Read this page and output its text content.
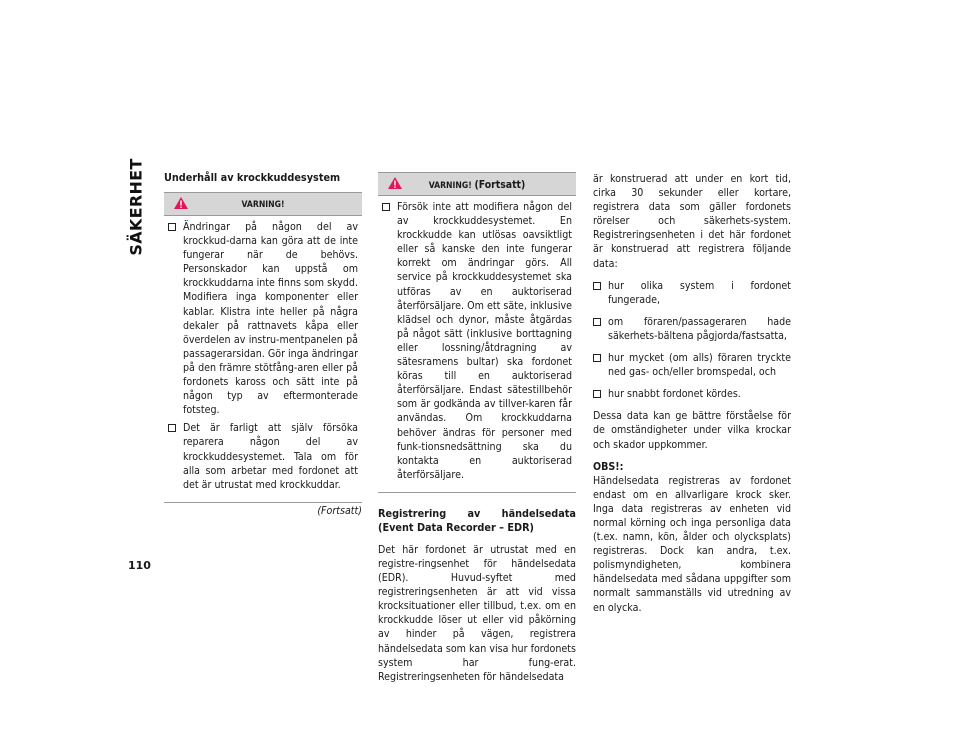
SÄKERHET Underhåll av krockkuddesystem
VARNING!
Ändringar på någon del av krockkud-darna kan göra att de inte fungerar när de behövs. Personskador kan uppstå om krockkuddarna inte finns som skydd. Modifiera inga komponenter eller kablar. Klistra inte heller på några dekaler på rattnavets kåpa eller överdelen av instru-mentpanelen på passagerarsidan. Gör inga ändringar på den främre stötfång-aren eller på fordonets kaross och sätt inte på någon typ av eftermonterade fotsteg.
Det är farligt att själv försöka reparera någon del av krockkuddesystemet. Tala om för alla som arbetar med fordonet att det är utrustat med krockkuddar.
(Fortsatt)
VARNING! (Fortsatt)
Försök inte att modifiera någon del av krockkuddesystemet. En krockkudde kan utlösas oavsiktligt eller så kanske den inte fungerar korrekt om ändringar görs. All service på krockkuddesystemet ska utföras av en auktoriserad återförsäljare. Om ett säte, inklusive klädsel och dynor, måste åtgärdas på något sätt (inklusive borttagning eller lossning/åtdragning av sätesramens bultar) ska fordonet köras till en auktoriserad återförsäljare. Endast sätestillbehör som är godkända av tillver-karen får användas. Om krockkuddarna behöver ändras för personer med funk-tionsnedsättning ska du kontakta en auktoriserad återförsäljare.
Registrering av händelsedata (Event Data Recorder – EDR)

Det här fordonet är utrustat med en registre-ringsenhet för händelsedata (EDR). Huvud-syftet med registreringsenheten är att vid vissa krocksituationer eller tillbud, t.ex. om en krockkudde löser ut eller vid påkörning av hinder på vägen, registrera händelsedata som kan visa hur fordonets system har fung-erat. Registreringsenheten för händelsedata

är konstruerad att under en kort tid, cirka 30 sekunder eller kortare, registrera data som gäller fordonets rörelser och säkerhets-system. Registreringsenheten i det här fordonet är konstruerad att registrera följande data:

hur olika system i fordonet fungerade,
om föraren/passageraren hade säkerhets-bältena pågjorda/fastsatta,
hur mycket (om alls) föraren tryckte ned gas- och/eller bromspedal, och
hur snabbt fordonet kördes.

Dessa data kan ge bättre förståelse för de omständigheter under vilka krockar och skador uppkommer.

OBS!:

Händelsedata registreras av fordonet endast om en allvarligare krock sker. Inga data registreras av enheten vid normal körning och inga personliga data (t.ex. namn, kön, ålder och olycksplats) registreras. Dock kan andra, t.ex. polismyndigheten, kombinera händelsedata med sådana uppgifter som normalt sammanställs vid utredning av en olycka.

110
